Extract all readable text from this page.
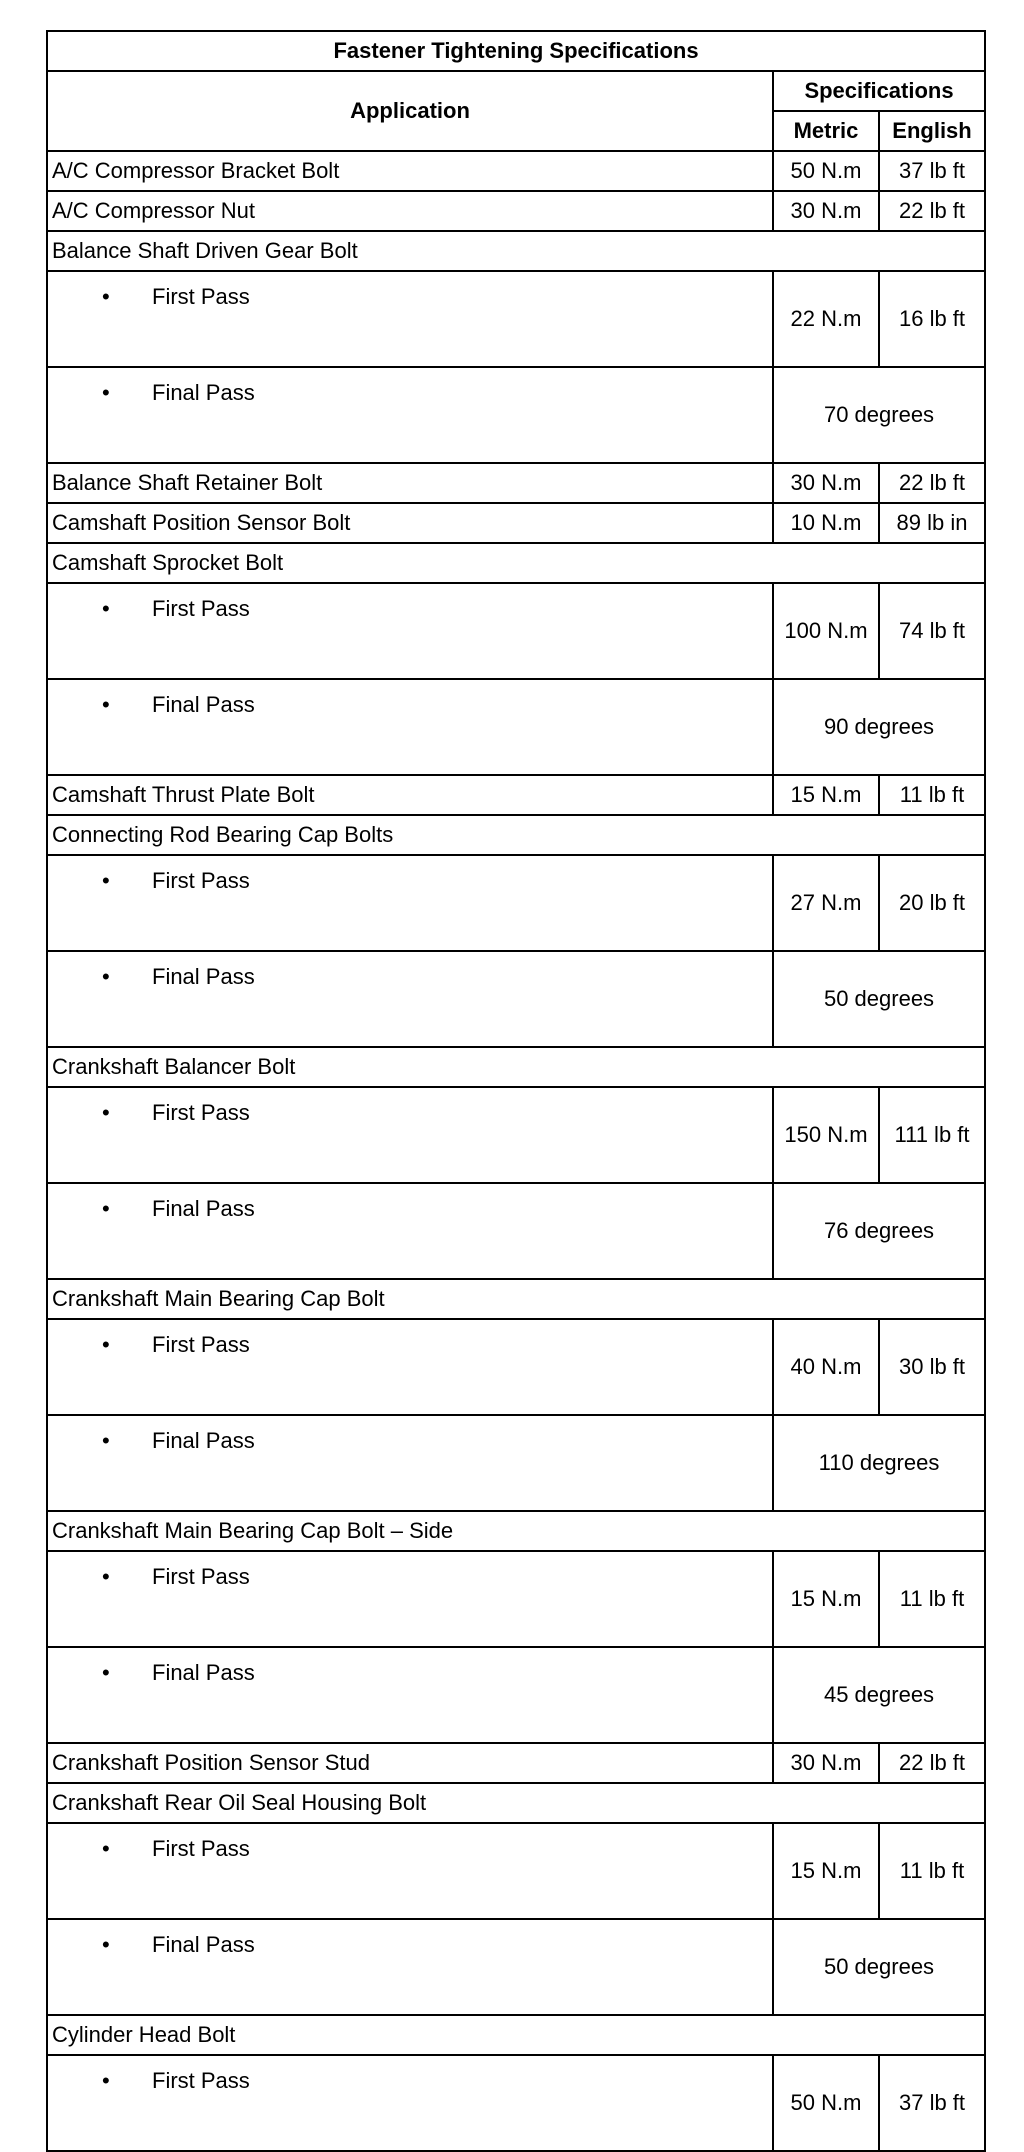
Fastener Tightening Specifications		
Application	Specifications	
	Metric	English
A/C Compressor Bracket Bolt	50 N.m	37 lb ft
A/C Compressor Nut	30 N.m	22 lb ft
Balance Shaft Driven Gear Bolt		

• First Pass	22 N.m	16 lb ft

• Final Pass	70 degrees	
Balance Shaft Retainer Bolt	30 N.m	22 lb ft
Camshaft Position Sensor Bolt	10 N.m	89 lb in
Camshaft Sprocket Bolt		

• First Pass	100 N.m	74 lb ft

• Final Pass	90 degrees	
Camshaft Thrust Plate Bolt	15 N.m	11 lb ft
Connecting Rod Bearing Cap Bolts		

• First Pass	27 N.m	20 lb ft

• Final Pass	50 degrees	
Crankshaft Balancer Bolt		

• First Pass	150 N.m	111 lb ft

• Final Pass	76 degrees	
Crankshaft Main Bearing Cap Bolt		

• First Pass	40 N.m	30 lb ft

• Final Pass	110 degrees	
Crankshaft Main Bearing Cap Bolt – Side		

• First Pass	15 N.m	11 lb ft

• Final Pass	45 degrees	
Crankshaft Position Sensor Stud	30 N.m	22 lb ft
Crankshaft Rear Oil Seal Housing Bolt		

• First Pass	15 N.m	11 lb ft

• Final Pass	50 degrees	
Cylinder Head Bolt		

• First Pass	50 N.m	37 lb ft
